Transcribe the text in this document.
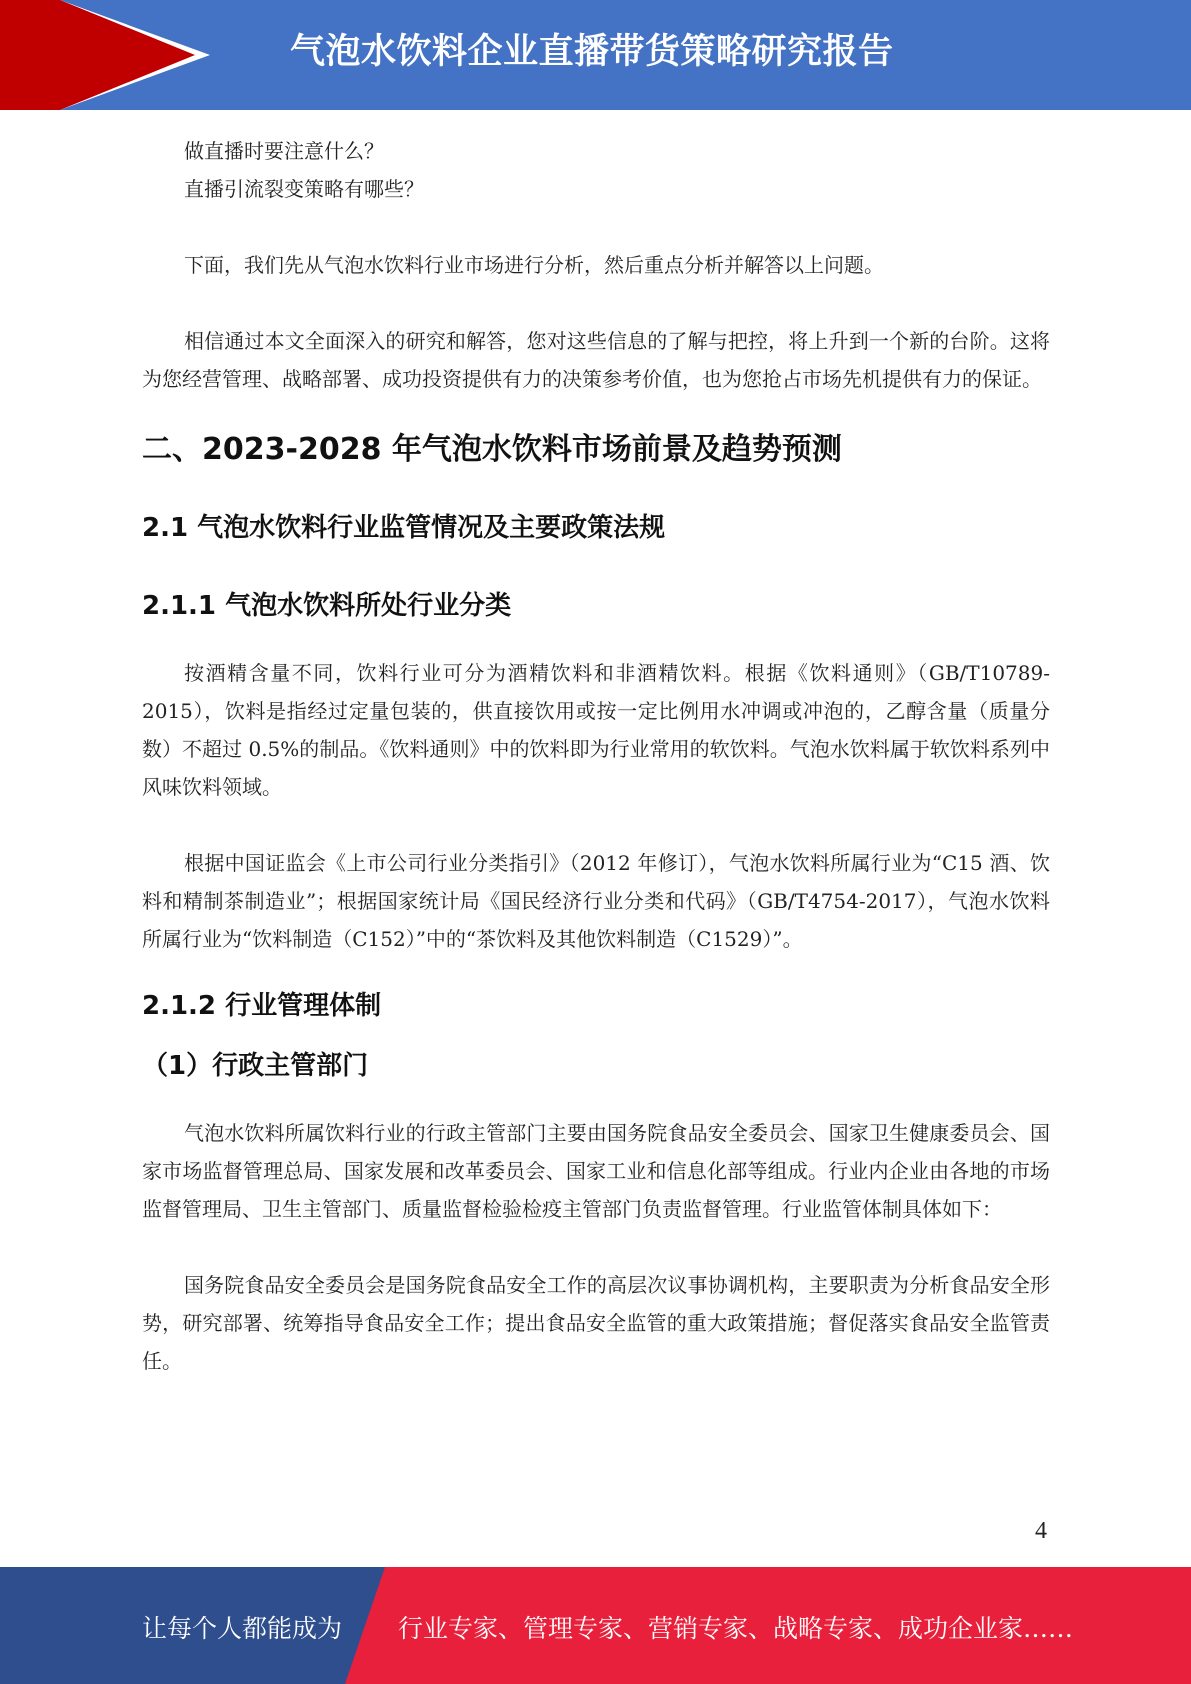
气泡水饮料企业直播带货策略研究报告

做直播时要注意什么？

直播引流裂变策略有哪些？

下面，我们先从气泡水饮料行业市场进行分析，然后重点分析并解答以上问题。

相信通过本文全面深入的研究和解答，您对这些信息的了解与把控，将上升到一个新的台阶。这将为您经营管理、战略部署、成功投资提供有力的决策参考价值，也为您抢占市场先机提供有力的保证。

二、2023-2028 年气泡水饮料市场前景及趋势预测
2.1 气泡水饮料行业监管情况及主要政策法规
2.1.1 气泡水饮料所处行业分类

按酒精含量不同，饮料行业可分为酒精饮料和非酒精饮料。根据《饮料通则》（GB/T10789-2015），饮料是指经过定量包装的，供直接饮用或按一定比例用水冲调或冲泡的，乙醇含量（质量分数）不超过 0.5%的制品。《饮料通则》中的饮料即为行业常用的软饮料。气泡水饮料属于软饮料系列中风味饮料领域。

根据中国证监会《上市公司行业分类指引》（2012 年修订），气泡水饮料所属行业为“C15 酒、饮料和精制茶制造业”；根据国家统计局《国民经济行业分类和代码》（GB/T4754-2017），气泡水饮料所属行业为“饮料制造（C152）”中的“茶饮料及其他饮料制造（C1529）”。

2.1.2 行业管理体制
（1）行政主管部门

气泡水饮料所属饮料行业的行政主管部门主要由国务院食品安全委员会、国家卫生健康委员会、国家市场监督管理总局、国家发展和改革委员会、国家工业和信息化部等组成。行业内企业由各地的市场监督管理局、卫生主管部门、质量监督检验检疫主管部门负责监督管理。行业监管体制具体如下：

国务院食品安全委员会是国务院食品安全工作的高层次议事协调机构，主要职责为分析食品安全形势，研究部署、统筹指导食品安全工作；提出食品安全监管的重大政策措施；督促落实食品安全监管责任。

4
让每个人都能成为 行业专家、管理专家、营销专家、战略专家、成功企业家……
